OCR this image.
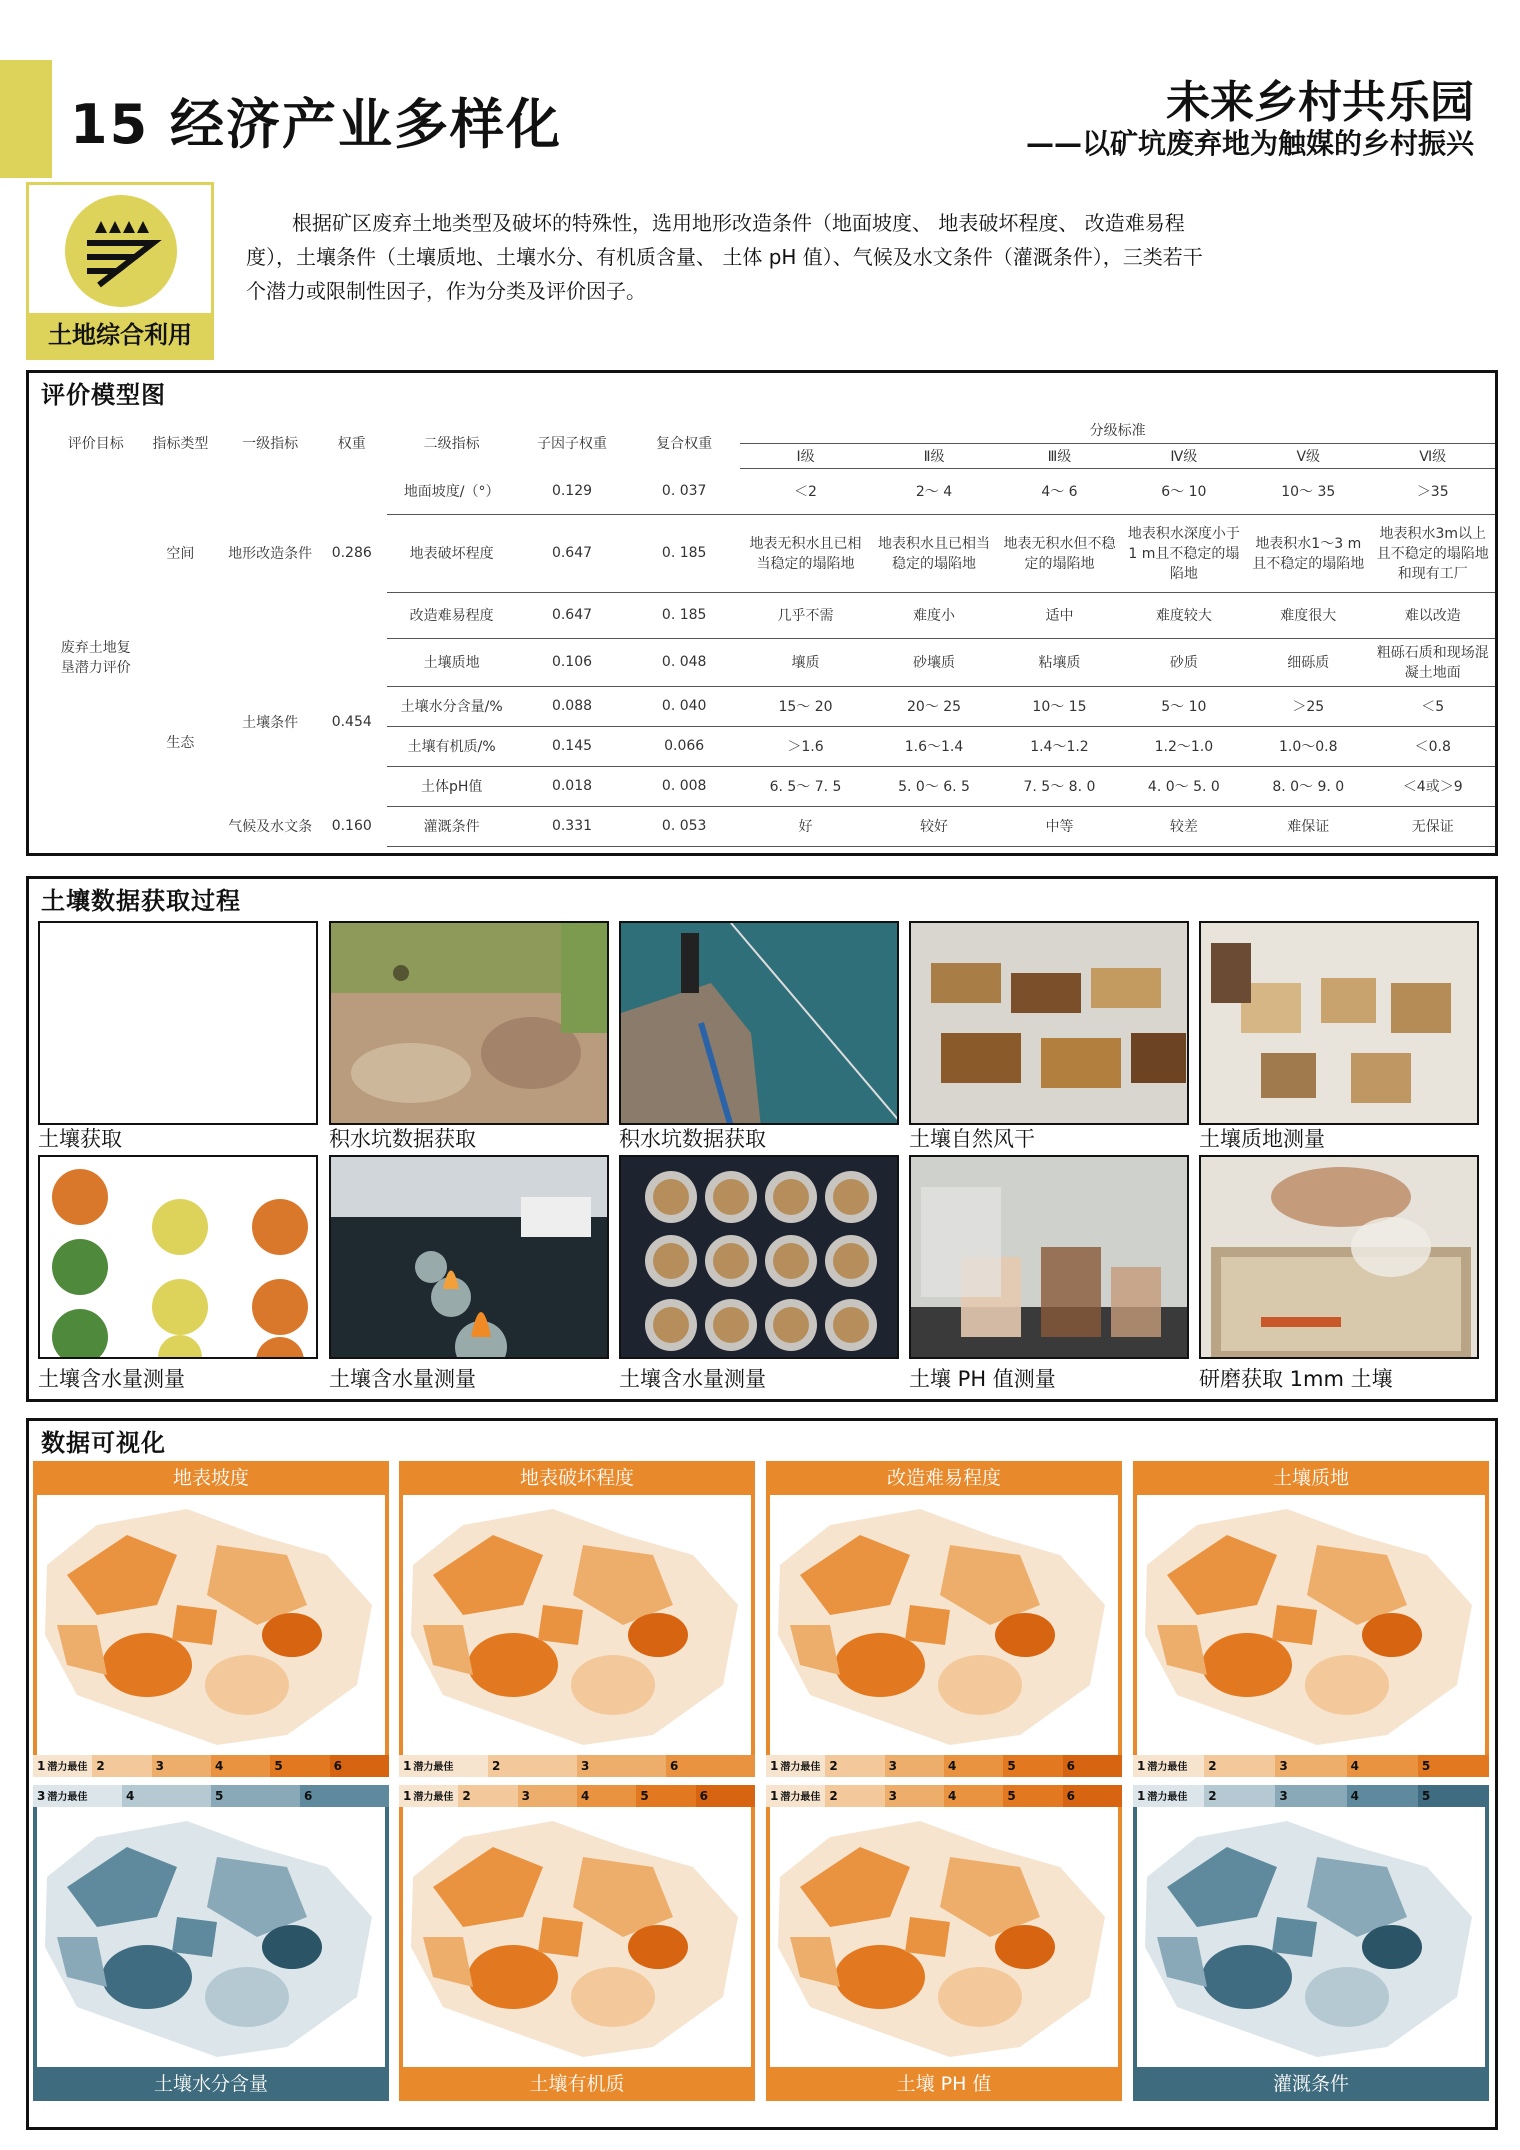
15 经济产业多样化	未来乡村共乐园
——以矿坑废弃地为触媒的乡村振兴
土地综合利用
根据矿区废弃土地类型及破坏的特殊性，选用地形改造条件（地面坡度、 地表破坏程度、 改造难易程度），土壤条件（土壤质地、土壤水分、有机质含量、 土体 pH 值）、气候及水文条件（灌溉条件），三类若干个潜力或限制性因子，作为分类及评价因子。
评价模型图
评价目标	指标类型	一级指标	权重	二级指标	子因子权重	复合权重	分级标准					
							Ⅰ级	Ⅱ级	Ⅲ级	Ⅳ级	Ⅴ级	Ⅵ级
废弃土地复垦潜力评价	空间	地形改造条件	0.286	地面坡度/（°）	0.129	0. 037	＜2	2～ 4	4～ 6	6～ 10	10～ 35	＞35
				地表破坏程度	0.647	0. 185	地表无积水且已相当稳定的塌陷地	地表积水且已相当稳定的塌陷地	地表无积水但不稳定的塌陷地	地表积水深度小于1 m且不稳定的塌陷地	地表积水1～3 m且不稳定的塌陷地	地表积水3m以上且不稳定的塌陷地和现有工厂
				改造难易程度	0.647	0. 185	几乎不需	难度小	适中	难度较大	难度很大	难以改造
	生态	土壤条件	0.454	土壤质地	0.106	0. 048	壤质	砂壤质	粘壤质	砂质	细砾质	粗砾石质和现场混凝土地面
				土壤水分含量/%	0.088	0. 040	15～ 20	20～ 25	10～ 15	5～ 10	＞25	＜5
				土壤有机质/%	0.145	0.066	＞1.6	1.6～1.4	1.4～1.2	1.2～1.0	1.0～0.8	＜0.8
				土体pH值	0.018	0. 008	6. 5～ 7. 5	5. 0～ 6. 5	7. 5～ 8. 0	4. 0～ 5. 0	8. 0～ 9. 0	＜4或＞9
		气候及水文条	0.160	灌溉条件	0.331	0. 053	好	较好	中等	较差	难保证	无保证
土壤数据获取过程
土壤获取	积水坑数据获取	积水坑数据获取	土壤自然风干	土壤质地测量
土壤含水量测量	土壤含水量测量	土壤含水量测量	土壤 PH 值测量	研磨获取 1mm 土壤
数据可视化
地表坡度
1 潜力最佳 2	3	4	5	6
地表破坏程度
1 潜力最佳	2	3	6
改造难易程度
1 潜力最佳 2	3	4	5	6
土壤质地
1 潜力最佳	2	3	4	5
土壤水分含量
3 潜力最佳	4	5	6
土壤有机质
1 潜力最佳 2	3	4	5	6
土壤 PH 值
1 潜力最佳 2	3	4	5	6
灌溉条件
1 潜力最佳	2	3	4	5
